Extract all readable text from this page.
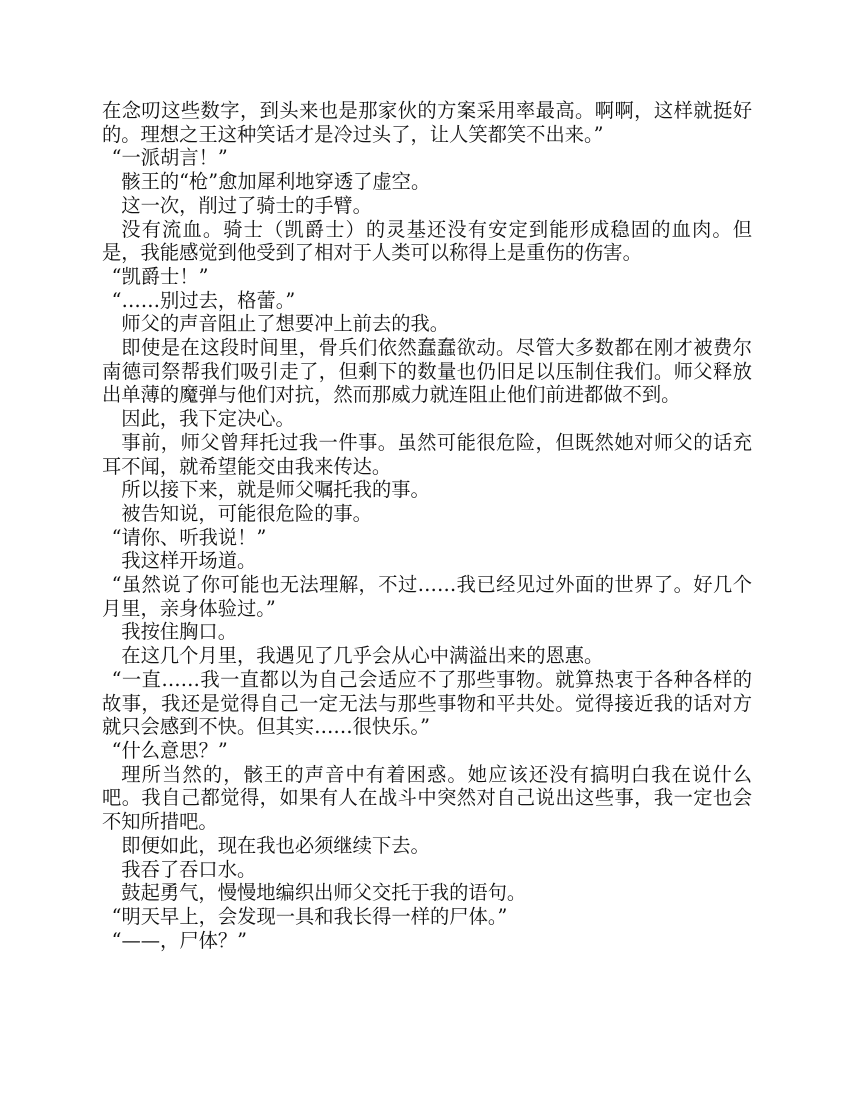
在念叨这些数字，到头来也是那家伙的方案采用率最高。啊啊，这样就挺好的。理想之王这种笑话才是冷过头了，让人笑都笑不出来。”

“一派胡言！”

骸王的“枪”愈加犀利地穿透了虚空。

这一次，削过了骑士的手臂。

没有流血。骑士（凯爵士）的灵基还没有安定到能形成稳固的血肉。但是，我能感觉到他受到了相对于人类可以称得上是重伤的伤害。

“凯爵士！”

“……别过去，格蕾。”

师父的声音阻止了想要冲上前去的我。

即使是在这段时间里，骨兵们依然蠢蠢欲动。尽管大多数都在刚才被费尔南德司祭帮我们吸引走了，但剩下的数量也仍旧足以压制住我们。师父释放出单薄的魔弹与他们对抗，然而那威力就连阻止他们前进都做不到。

因此，我下定决心。

事前，师父曾拜托过我一件事。虽然可能很危险，但既然她对师父的话充耳不闻，就希望能交由我来传达。

所以接下来，就是师父嘱托我的事。

被告知说，可能很危险的事。

“请你、听我说！”

我这样开场道。

“虽然说了你可能也无法理解，不过……我已经见过外面的世界了。好几个月里，亲身体验过。”

我按住胸口。

在这几个月里，我遇见了几乎会从心中满溢出来的恩惠。

“一直……我一直都以为自己会适应不了那些事物。就算热衷于各种各样的故事，我还是觉得自己一定无法与那些事物和平共处。觉得接近我的话对方就只会感到不快。但其实……很快乐。”

“什么意思？”

理所当然的，骸王的声音中有着困惑。她应该还没有搞明白我在说什么吧。我自己都觉得，如果有人在战斗中突然对自己说出这些事，我一定也会不知所措吧。

即便如此，现在我也必须继续下去。

我吞了吞口水。

鼓起勇气，慢慢地编织出师父交托于我的语句。

“明天早上，会发现一具和我长得一样的尸体。”

“——，尸体？”
